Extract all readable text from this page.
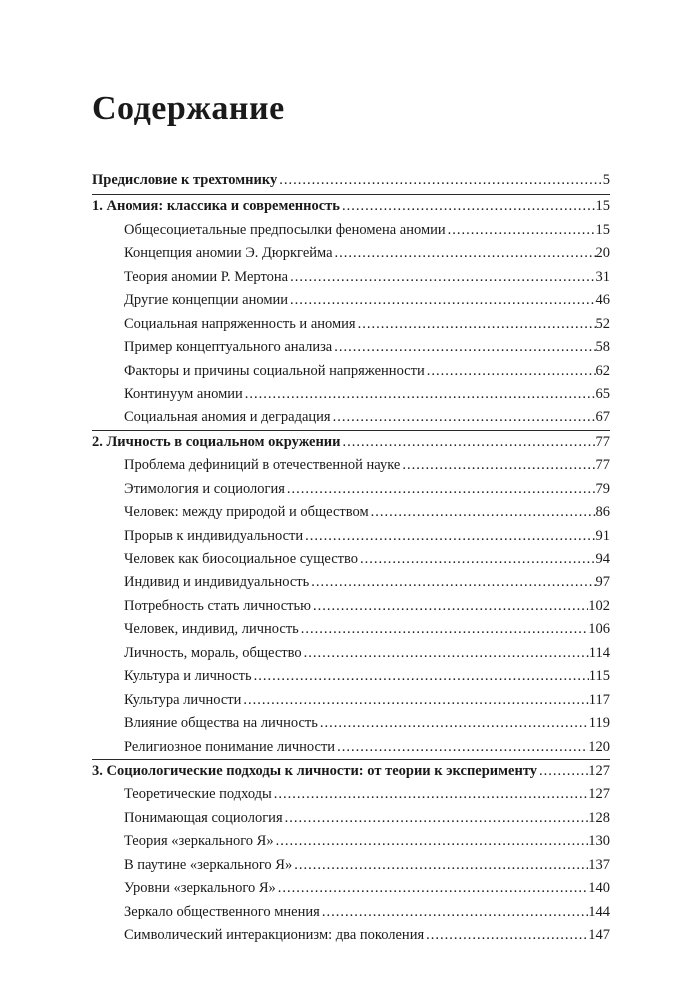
Содержание
Предисловие к трехтомнику .....	5
1. Аномия: классика и современность .....	15
Общесоциетальные предпосылки феномена аномии .....	15
Концепция аномии Э. Дюркгейма .....	20
Теория аномии Р. Мертона .....	31
Другие концепции аномии .....	46
Социальная напряженность и аномия .....	52
Пример концептуального анализа .....	58
Факторы и причины социальной напряженности .....	62
Континуум аномии .....	65
Социальная аномия и деградация .....	67
2. Личность в социальном окружении .....	77
Проблема дефиниций в отечественной науке .....	77
Этимология и социология .....	79
Человек: между природой и обществом .....	86
Прорыв к индивидуальности .....	91
Человек как биосоциальное существо .....	94
Индивид и индивидуальность .....	97
Потребность стать личностью .....	102
Человек, индивид, личность .....	106
Личность, мораль, общество .....	114
Культура и личность .....	115
Культура личности .....	117
Влияние общества на личность .....	119
Религиозное понимание личности .....	120
3. Социологические подходы к личности: от теории к эксперименту .....	127
Теоретические подходы .....	127
Понимающая социология .....	128
Теория «зеркального Я» .....	130
В паутине «зеркального Я» .....	137
Уровни «зеркального Я» .....	140
Зеркало общественного мнения .....	144
Символический интеракционизм: два поколения .....	147
